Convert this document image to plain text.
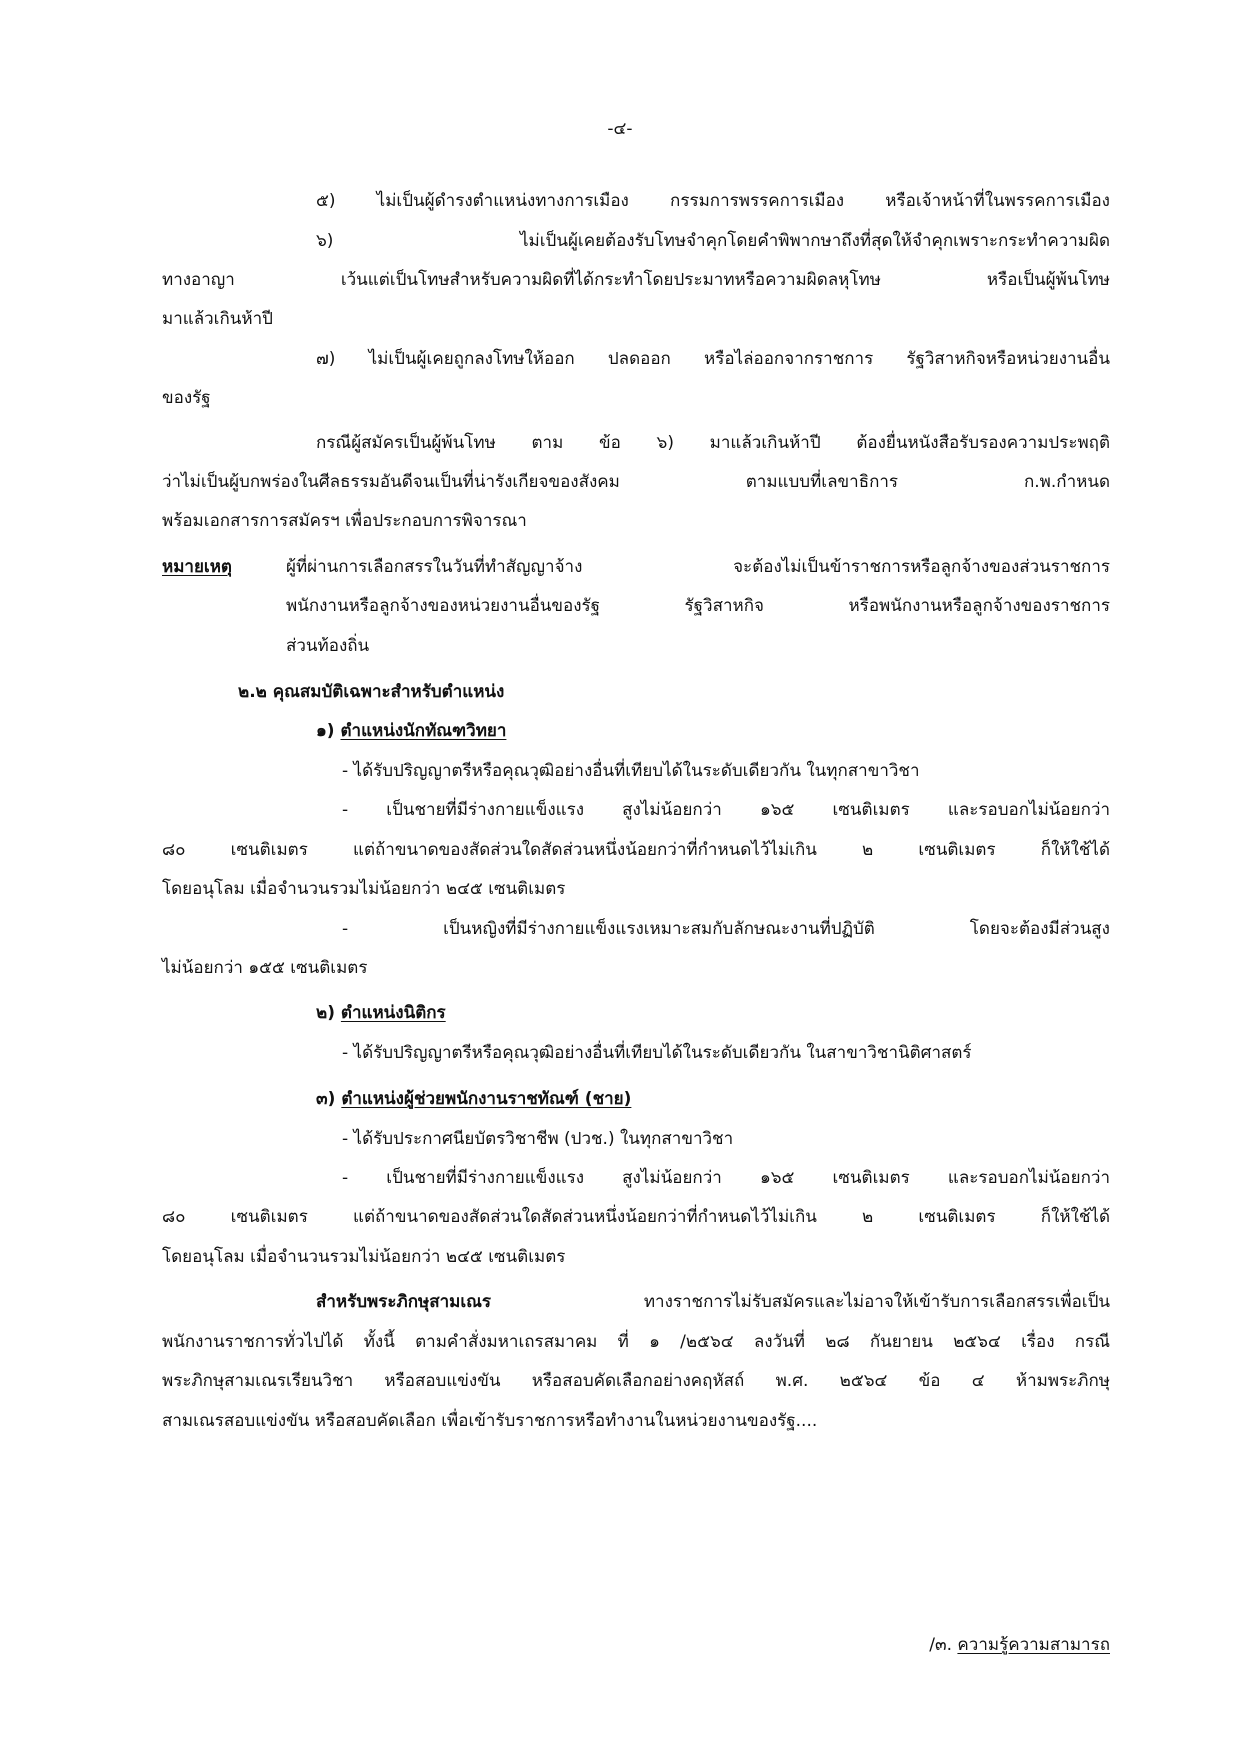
-๔-
๕) ไม่เป็นผู้ดำรงตำแหน่งทางการเมือง กรรมการพรรคการเมือง หรือเจ้าหน้าที่ในพรรคการเมือง
๖) ไม่เป็นผู้เคยต้องรับโทษจำคุกโดยคำพิพากษาถึงที่สุดให้จำคุกเพราะกระทำความผิด
ทางอาญา เว้นแต่เป็นโทษสำหรับความผิดที่ได้กระทำโดยประมาทหรือความผิดลหุโทษ หรือเป็นผู้พ้นโทษ
มาแล้วเกินห้าปี
๗) ไม่เป็นผู้เคยถูกลงโทษให้ออก ปลดออก หรือไล่ออกจากราชการ รัฐวิสาหกิจหรือหน่วยงานอื่น
ของรัฐ
กรณีผู้สมัครเป็นผู้พ้นโทษ ตาม ข้อ ๖) มาแล้วเกินห้าปี ต้องยื่นหนังสือรับรองความประพฤติ
ว่าไม่เป็นผู้บกพร่องในศีลธรรมอันดีจนเป็นที่น่ารังเกียจของสังคม ตามแบบที่เลขาธิการ ก.พ.กำหนด
พร้อมเอกสารการสมัครฯ เพื่อประกอบการพิจารณา
หมายเหตุ	ผู้ที่ผ่านการเลือกสรรในวันที่ทำสัญญาจ้าง จะต้องไม่เป็นข้าราชการหรือลูกจ้างของส่วนราชการ
พนักงานหรือลูกจ้างของหน่วยงานอื่นของรัฐ รัฐวิสาหกิจ หรือพนักงานหรือลูกจ้างของราชการ
ส่วนท้องถิ่น
๒.๒ คุณสมบัติเฉพาะสำหรับตำแหน่ง
๑) ตำแหน่งนักทัณฑวิทยา
- ได้รับปริญญาตรีหรือคุณวุฒิอย่างอื่นที่เทียบได้ในระดับเดียวกัน ในทุกสาขาวิชา
- เป็นชายที่มีร่างกายแข็งแรง สูงไม่น้อยกว่า ๑๖๕ เซนติเมตร และรอบอกไม่น้อยกว่า
๘๐ เซนติเมตร แต่ถ้าขนาดของสัดส่วนใดสัดส่วนหนึ่งน้อยกว่าที่กำหนดไว้ไม่เกิน ๒ เซนติเมตร ก็ให้ใช้ได้
โดยอนุโลม เมื่อจำนวนรวมไม่น้อยกว่า ๒๔๕ เซนติเมตร
- เป็นหญิงที่มีร่างกายแข็งแรงเหมาะสมกับลักษณะงานที่ปฏิบัติ โดยจะต้องมีส่วนสูง
ไม่น้อยกว่า ๑๕๕ เซนติเมตร
๒) ตำแหน่งนิติกร
- ได้รับปริญญาตรีหรือคุณวุฒิอย่างอื่นที่เทียบได้ในระดับเดียวกัน ในสาขาวิชานิติศาสตร์
๓) ตำแหน่งผู้ช่วยพนักงานราชทัณฑ์ (ชาย)
- ได้รับประกาศนียบัตรวิชาชีพ (ปวช.) ในทุกสาขาวิชา
- เป็นชายที่มีร่างกายแข็งแรง สูงไม่น้อยกว่า ๑๖๕ เซนติเมตร และรอบอกไม่น้อยกว่า
๘๐ เซนติเมตร แต่ถ้าขนาดของสัดส่วนใดสัดส่วนหนึ่งน้อยกว่าที่กำหนดไว้ไม่เกิน ๒ เซนติเมตร ก็ให้ใช้ได้
โดยอนุโลม เมื่อจำนวนรวมไม่น้อยกว่า ๒๔๕ เซนติเมตร
สำหรับพระภิกษุสามเณร ทางราชการไม่รับสมัครและไม่อาจให้เข้ารับการเลือกสรรเพื่อเป็น
พนักงานราชการทั่วไปได้ ทั้งนี้ ตามคำสั่งมหาเถรสมาคม ที่ ๑ /๒๕๖๔ ลงวันที่ ๒๘ กันยายน ๒๕๖๔ เรื่อง กรณี
พระภิกษุสามเณรเรียนวิชา หรือสอบแข่งขัน หรือสอบคัดเลือกอย่างคฤหัสถ์ พ.ศ. ๒๕๖๔ ข้อ ๔ ห้ามพระภิกษุ
สามเณรสอบแข่งขัน หรือสอบคัดเลือก เพื่อเข้ารับราชการหรือทำงานในหน่วยงานของรัฐ....
/๓. ความรู้ความสามารถ
